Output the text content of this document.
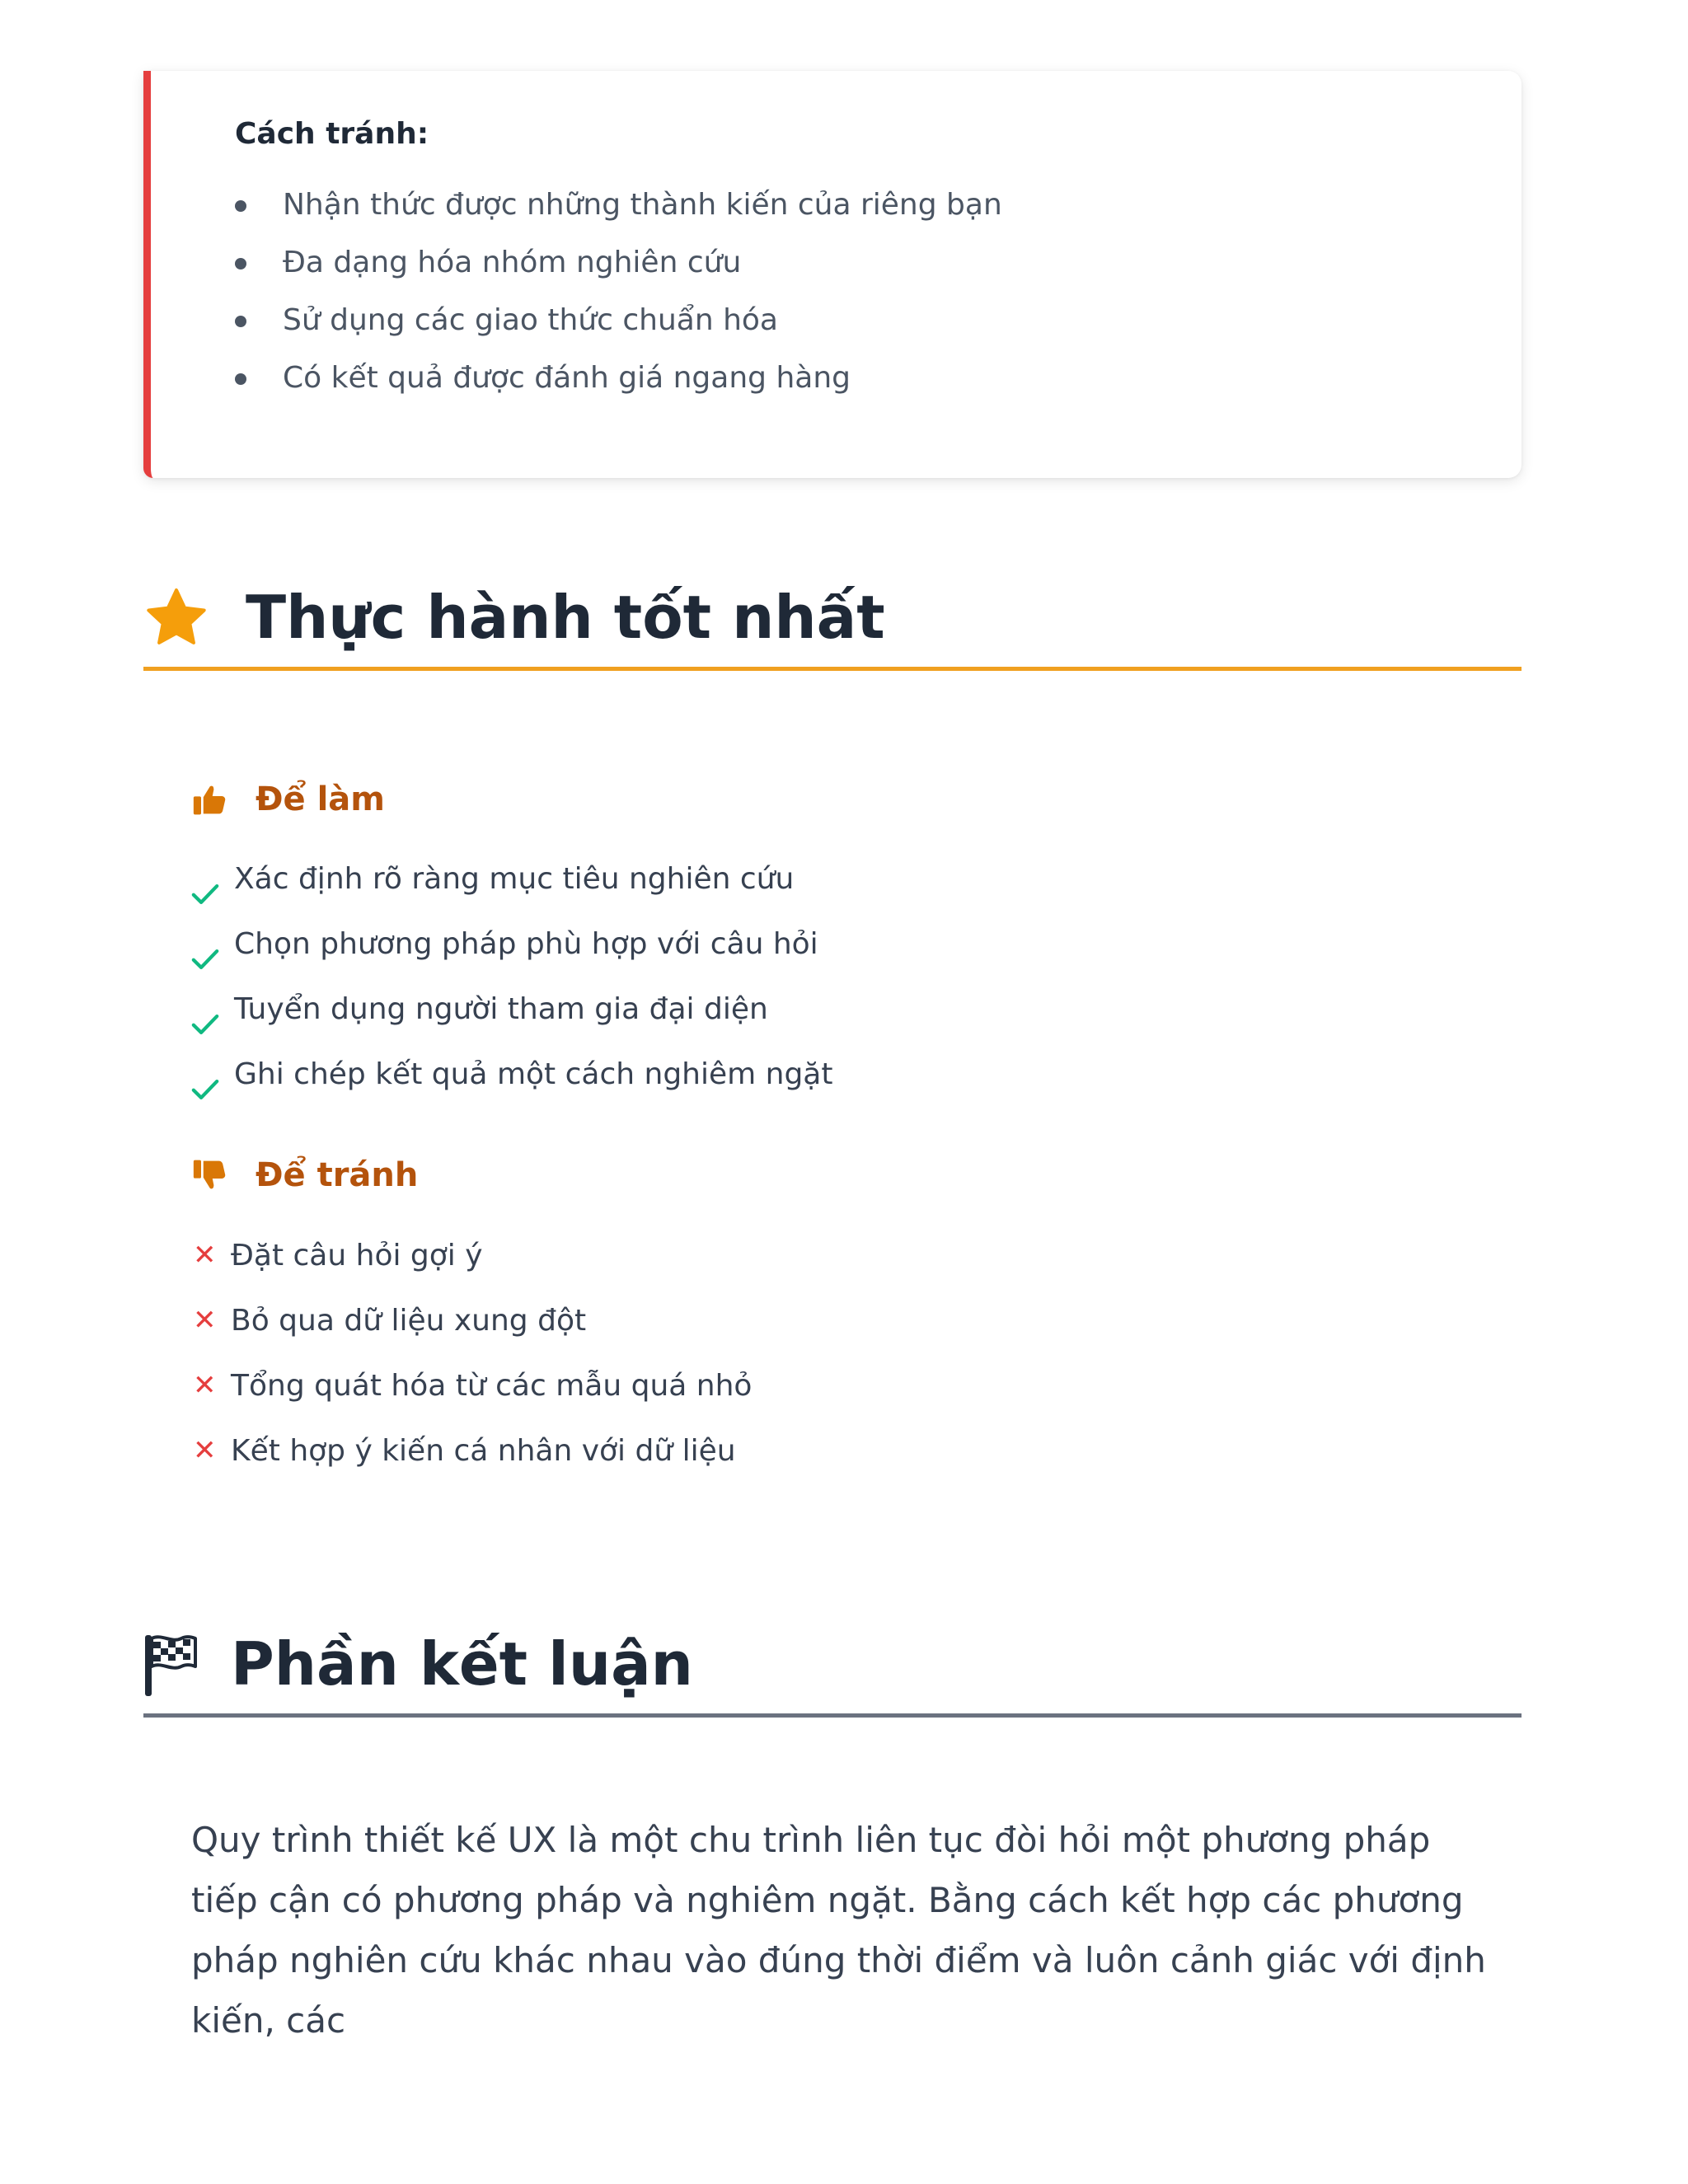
Cách tránh:
Nhận thức được những thành kiến của riêng bạn
Đa dạng hóa nhóm nghiên cứu
Sử dụng các giao thức chuẩn hóa
Có kết quả được đánh giá ngang hàng
Thực hành tốt nhất
Để làm
Xác định rõ ràng mục tiêu nghiên cứu
Chọn phương pháp phù hợp với câu hỏi
Tuyển dụng người tham gia đại diện
Ghi chép kết quả một cách nghiêm ngặt
Để tránh
✕ Đặt câu hỏi gợi ý
✕ Bỏ qua dữ liệu xung đột
✕ Tổng quát hóa từ các mẫu quá nhỏ
✕ Kết hợp ý kiến cá nhân với dữ liệu
Phần kết luận

Quy trình thiết kế UX là một chu trình liên tục đòi hỏi một phương pháp tiếp cận có phương pháp và nghiêm ngặt. Bằng cách kết hợp các phương pháp nghiên cứu khác nhau vào đúng thời điểm và luôn cảnh giác với định kiến, các
